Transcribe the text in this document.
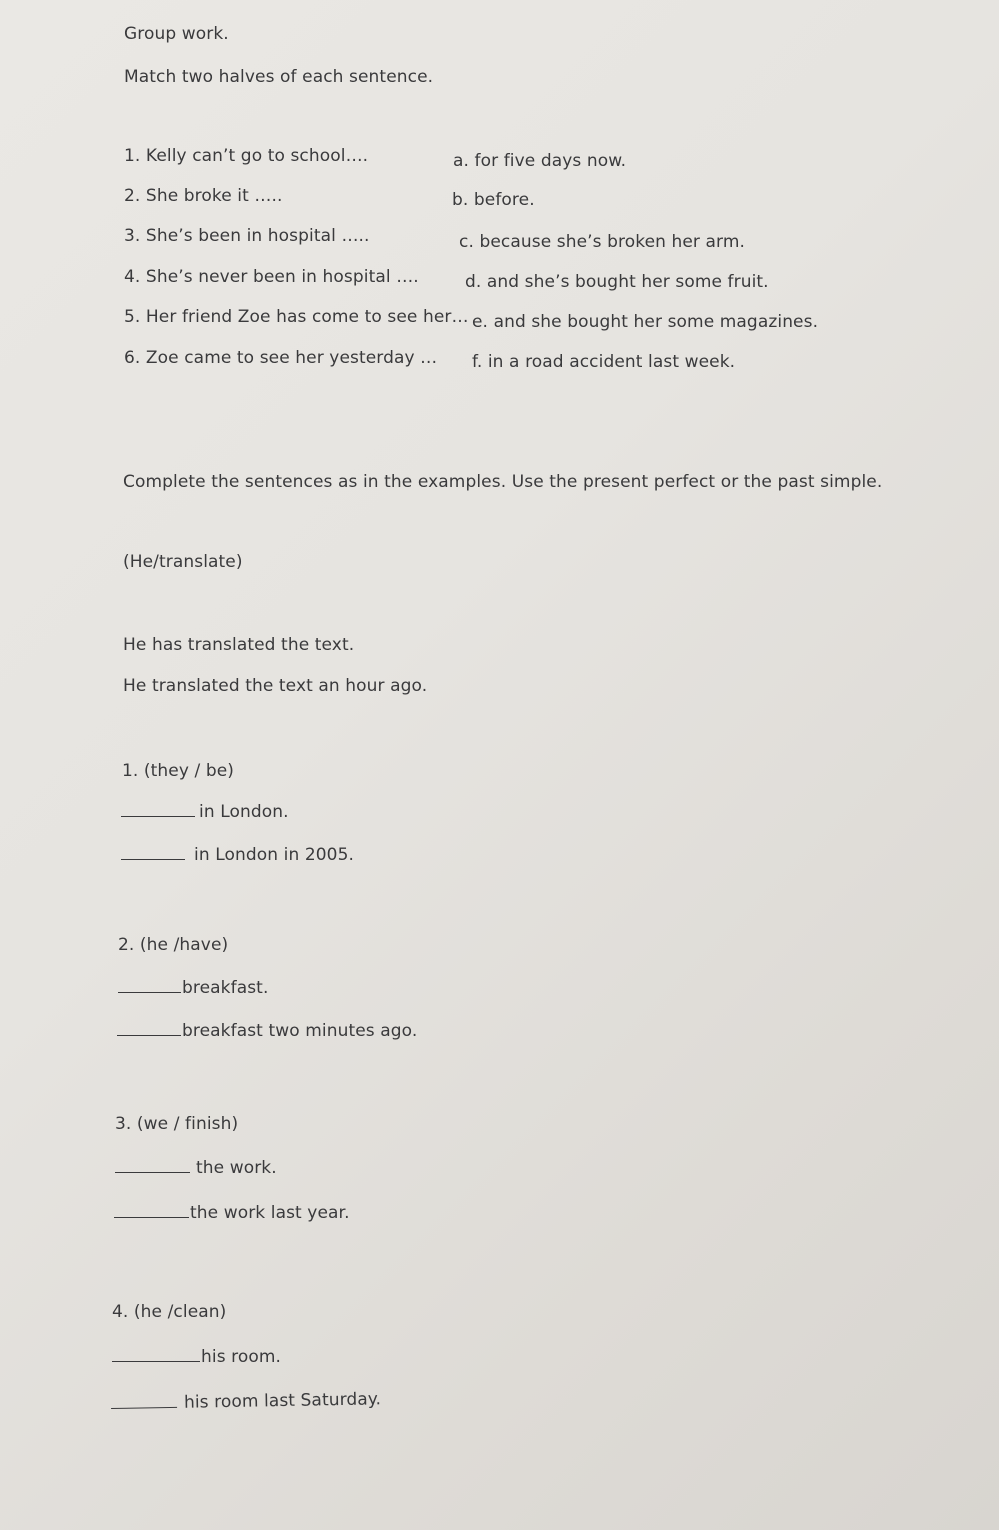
Group work.
Match two halves of each sentence.
1. Kelly can’t go to school….
2. She broke it …..
3. She’s been in hospital …..
4. She’s never been in hospital ….
5. Her friend Zoe has come to see her…
6. Zoe came to see her yesterday …
a. for five days now.
b. before.
c. because she’s broken her arm.
d. and she’s bought her some fruit.
e. and she bought her some magazines.
f. in a road accident last week.
Complete the sentences as in the examples. Use the present perfect or the past simple.
(He/translate)
He has translated the text.
He translated the text an hour ago.
1. (they / be)
in London.
in London in 2005.
2. (he /have)
breakfast.
breakfast two minutes ago.
3. (we / finish)
the work.
the work last year.
4. (he /clean)
his room.
his room last Saturday.
